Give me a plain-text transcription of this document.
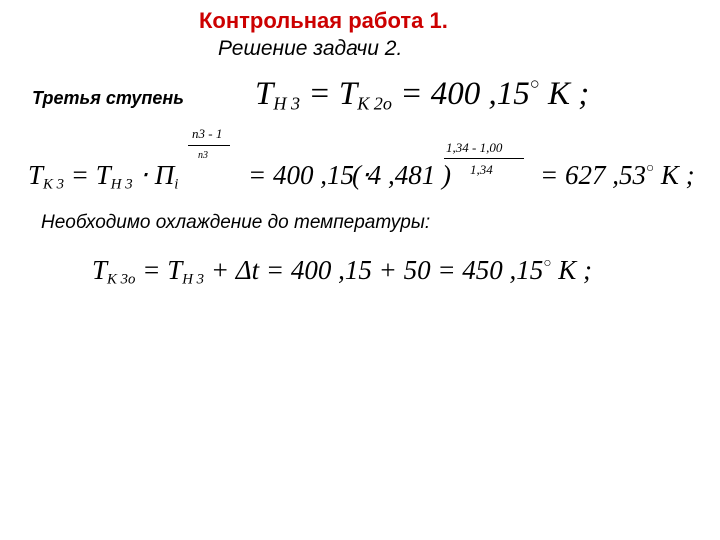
Контрольная работа 1.
Решение задачи 2.
Третья ступень $T_{Н 3} = T_{К 2о} = 400$ ,15○ K ;
$T_{К 3} = T_{Н 3} \cdot \Pi_i$
n3 - 1
n3
= 400 ,15 ⋅
( 4 ,481 )
1,34 - 1,00
1,34 = 627 ,53○ K ;
Необходимо охлаждение до температуры:
$T_{К 3о} = T_{Н 3} + \Delta t = 400$ ,15 + 50 = 450 ,15○ K ;
